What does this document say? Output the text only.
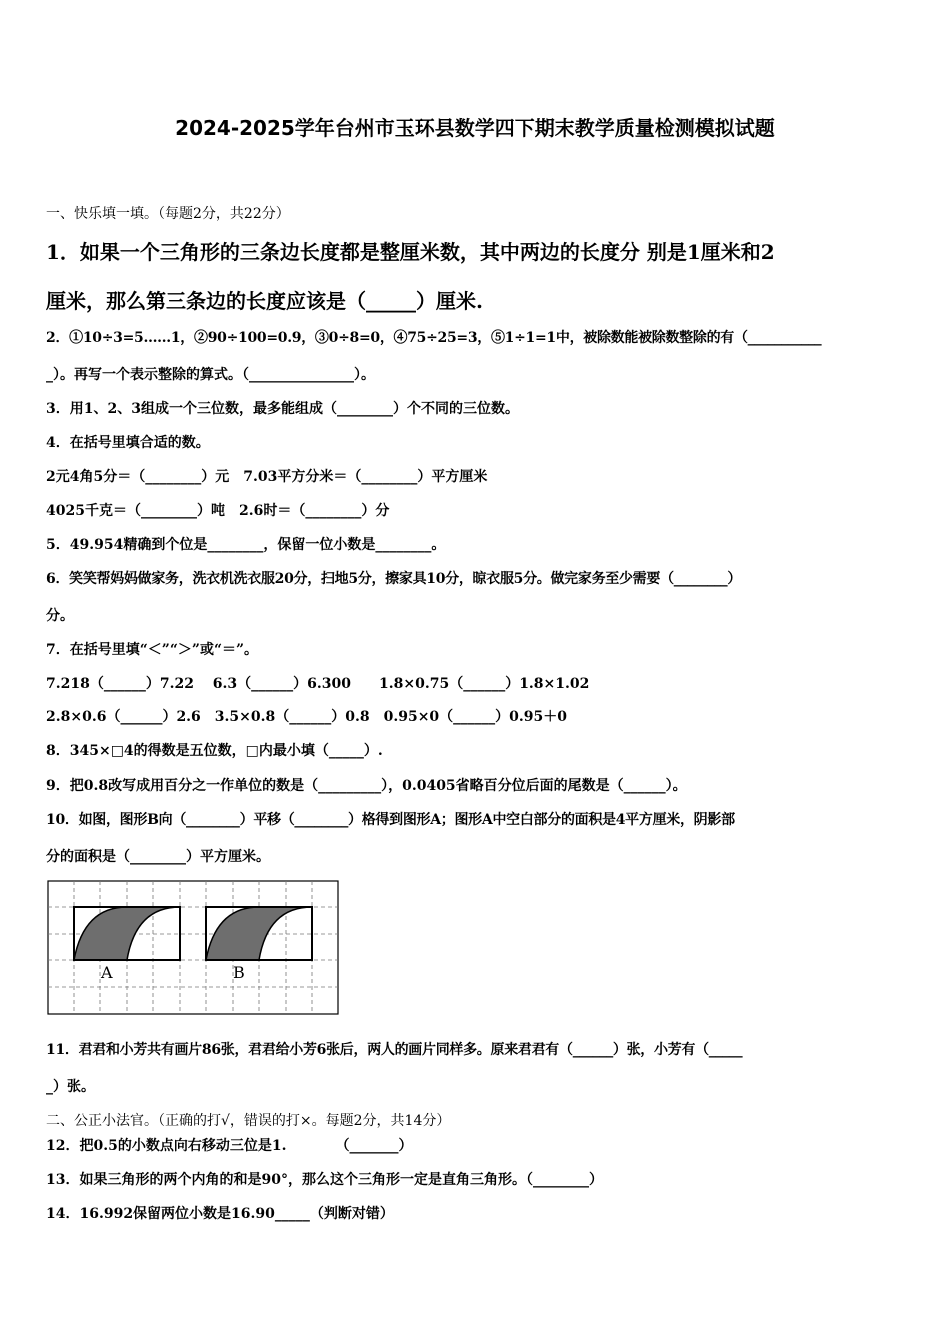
2024-2025学年台州市玉环县数学四下期末教学质量检测模拟试题
一、快乐填一填。（每题2分，共22分）
1．如果一个三角形的三条边长度都是整厘米数，其中两边的长度分 别是1厘米和2
厘米，那么第三条边的长度应该是（_____）厘米.
2．①10÷3=5……1，②90÷100=0.9，③0÷8=0，④75÷25=3，⑤1÷1=1中，被除数能被除数整除的有（___________
_）。再写一个表示整除的算式。（_______________）。
3．用1、2、3组成一个三位数，最多能组成（________）个不同的三位数。
4．在括号里填合适的数。
2元4角5分＝（________）元　7.03平方分米＝（________）平方厘米
4025千克＝（________）吨　2.6时＝（________）分
5．49.954精确到个位是________，保留一位小数是________。
6．笑笑帮妈妈做家务，洗衣机洗衣服20分，扫地5分，擦家具10分，晾衣服5分。做完家务至少需要（________）
分。
7．在括号里填“＜”“＞”或“＝”。
7.218（______）7.22　 6.3（______）6.300　　1.8×0.75（______）1.8×1.02
2.8×0.6（______）2.6　3.5×0.8（______）0.8　0.95×0（______）0.95＋0
8．345×□4的得数是五位数，□内最小填（_____）.
9．把0.8改写成用百分之一作单位的数是（_________），0.0405省略百分位后面的尾数是（______）。
10．如图，图形B向（________）平移（________）格得到图形A；图形A中空白部分的面积是4平方厘米，阴影部
分的面积是（________）平方厘米。
A	B
11．君君和小芳共有画片86张，君君给小芳6张后，两人的画片同样多。原来君君有（______）张，小芳有（_____
_）张。
二、公正小法官。（正确的打√，错误的打×。每题2分，共14分）
12．把0.5的小数点向右移动三位是1.　　　　（_______）
13．如果三角形的两个内角的和是90°，那么这个三角形一定是直角三角形。（________）
14．16.992保留两位小数是16.90_____（判断对错）
